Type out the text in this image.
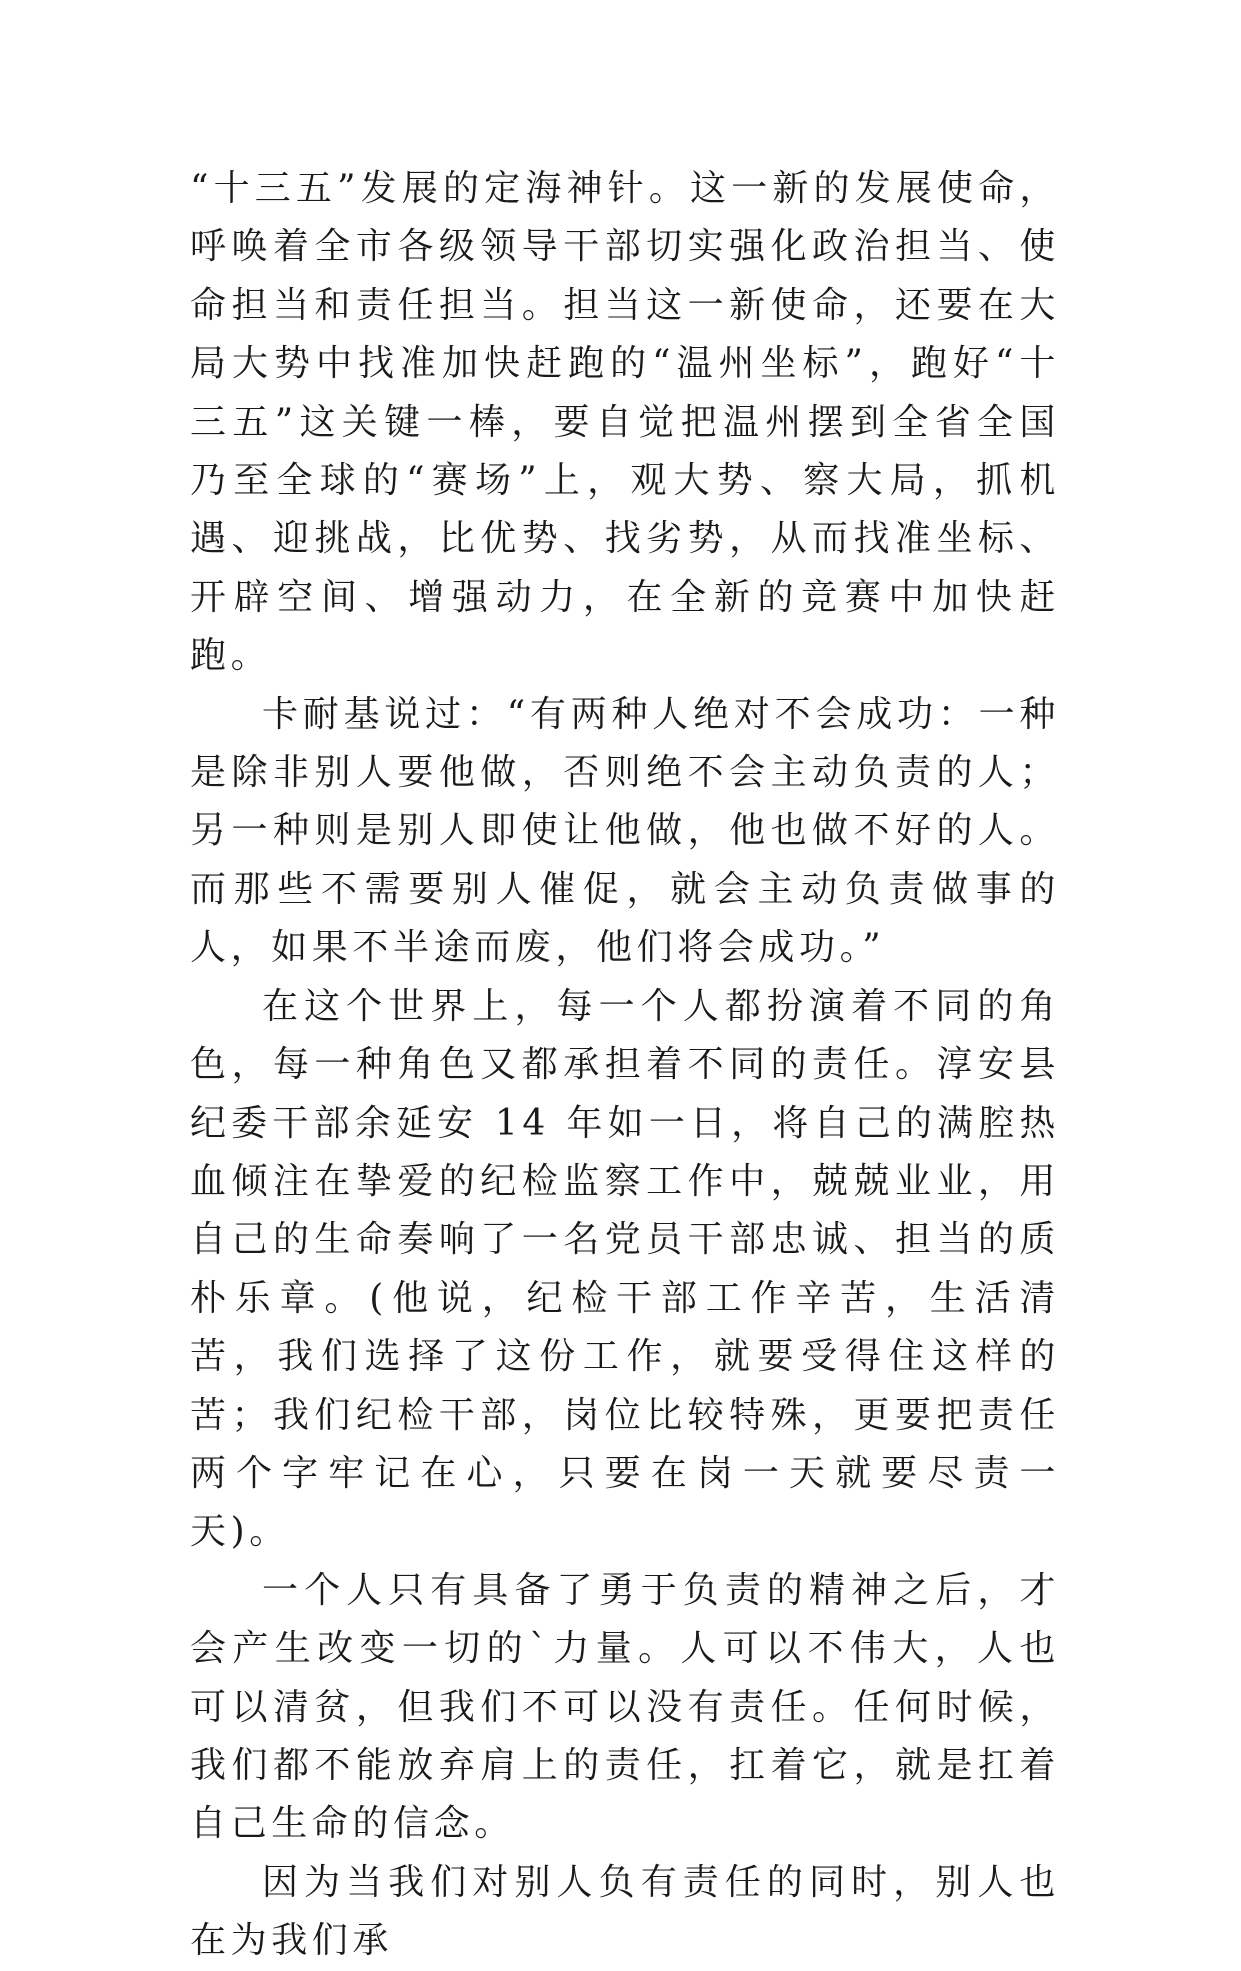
“十三五”发展的定海神针。这一新的发展使命，呼唤着全市各级领导干部切实强化政治担当、使命担当和责任担当。担当这一新使命，还要在大局大势中找准加快赶跑的“温州坐标”，跑好“十三五”这关键一棒，要自觉把温州摆到全省全国乃至全球的“赛场”上，观大势、察大局，抓机遇、迎挑战，比优势、找劣势，从而找准坐标、开辟空间、增强动力，在全新的竞赛中加快赶跑。

卡耐基说过：“有两种人绝对不会成功：一种是除非别人要他做，否则绝不会主动负责的人；另一种则是别人即使让他做，他也做不好的人。而那些不需要别人催促，就会主动负责做事的人，如果不半途而废，他们将会成功。”

在这个世界上，每一个人都扮演着不同的角色，每一种角色又都承担着不同的责任。淳安县纪委干部余延安 14 年如一日，将自己的满腔热血倾注在挚爱的纪检监察工作中，兢兢业业，用自己的生命奏响了一名党员干部忠诚、担当的质朴乐章。(他说，纪检干部工作辛苦，生活清苦，我们选择了这份工作，就要受得住这样的苦；我们纪检干部，岗位比较特殊，更要把责任两个字牢记在心，只要在岗一天就要尽责一天)。

一个人只有具备了勇于负责的精神之后，才会产生改变一切的`力量。人可以不伟大，人也可以清贫，但我们不可以没有责任。任何时候，我们都不能放弃肩上的责任，扛着它，就是扛着自己生命的信念。

因为当我们对别人负有责任的同时，别人也在为我们承
